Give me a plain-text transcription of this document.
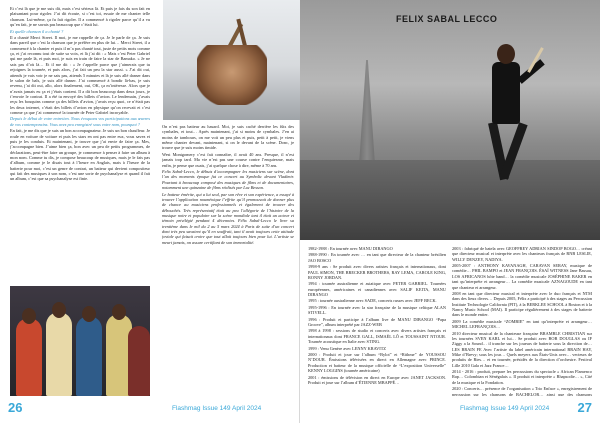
Et c’est là que je me suis dit, mais c’est sérieux là. Et puis je fais du son fait en plaisantant pour rigoler. J’ai dit écoute, si c’est toi, essaie de me chanter telle chanson. Lui-même, ça fu fait rigoler. Il a commencé à rigoler parce qu’il a vu qu’en fait, je ne savais pas beaucoup que c’était lui.

Et quelle chanson il a chanté ?

Il a chanté Merci Street. Il moi, je me rappelle de ça. Je le parle de ça. Je suis dans pareil que c’est la chanson que je préfère en plus de lui… Merci Street, il a commencé à la chanter et puis il m’a pas chanté tout, juste de petits mots comme ça, et j’ai reconnu tout de suite sa voix, et là j’ai dit : « Mais c’est Peter Gabriel qui me parle là, et puis moi, je suis en train de faire la star de Bamako. » Je ne sais pas d’où là… Et il me dit : « Je t’appelle parce que j’aimerais que tu rejoignes la tournée, et puis alors, j’ai fait un peu la star aussi. » J’ai dit oui, attends je vais voir je ne sais pas, attends 5 minutes et là je suis allé danser dans le salon de bals, je suis allé danser. J’ai commencé à bondir là-bas, je suis revenu, j’ai dit oui, allo, alors finalement, oui, OK, ça m’intéresse. Alors que je n’avais jamais eu ça et j’étais content. Il a dit bon beaucoup dans deux jours, je t’envoie le contrat. Il a été tu envoyé des billets d’avion. Le lendemain, j’avais reçu les bouquins comme ça des billets d’avion, j’avais reçu quoi, ce n’était pas les deux internet, c’était des billets d’avion en physique qu’on recevait et c’est comme ça que j’ai commencé la tournée de Peter Gabriel incroyable.

Depuis le début de votre entretien. Nous évoquons vos participations aux œuvres de vos contemporains. Vous avez peu enregistré sous votre nom, pourquoi ?

En fait, je me dis que je suis un bon accompagnateur. Je suis un bon chauffeur. Je roule en voiture de voiture et puis les stars en ont pas entre eux, vous savez et puis je les conduis. Et maintenant, je trouve que j’ai envie de faire ça. Mes, j’accompagne bien. J’aime bien ça, bon avec un peu de petits programmes, de déclarations, peut-être faire un groupe, je commence à penser à faire un album à mon nom. Comme tu dis, je compose beaucoup de musiques, mais je le fais pas d’album, comme je le disais tout à l’heure en Anglais, mais à l’heure de la batterie pour moi, c’est un genre de contrat, un batteur qui devient compositeur qui fait des musiques à son nom, c’est une sorte de psychanalyse et quand il fait un album, c’est que sa psychanalyse est finie.

On n’est pas batteur au hasard. Moi, je suis caché derrière les fûts des cymbales, et tout… Après maintenant, j’ai si moins de cymbales. J’en ai moins de tambours, on me voit un peu plus et puis, petit à petit, je viens même chanter devant, maintenant, si on le devant de la scène. Donc, je trouve que je suis moins timide.

West Montgomery c’est fait connaître, il avait 40 ans. Presque, il n’est jamais trop tard. Ma vie n’est pas une course contre l’enquiesme, mais enfin, je pense que ouais, j’ai quelque chose à dire, même à 70 ans.

Felix Sabal-Lecco, le débuts d’accompagner les musiciens sur scène, dont l’un des moments époque fut ce concert au Symbolic devant Vladimir. Pourtant à beaucoup composé des musiques de films et de documentaires, notamment une quinzaine de films réalisés par Luc Besson.

Le batteur émérite, qui a lui seul, par son rêve et son expérience, a essayé à trouver l’application nouménique l’effrite qu’il promouvait de donner plus de chance au musiciens professionnels et également de trouver des débouchés. Très représentatif était au peu l’allégorie de l’histoire de la musique noire et populaire sur la scène mondiale tant il était un acteur et témoin privilégié pendant 4 décennies. Félix Sabal-Lecco le livre sa trentième dans le mil du 2 au 5 mars 2024 à Paris de suite d’un concert dont très peu savaient qu’il en souffrait, tant il avait toujours cette attitude joviale qui faisait croire que tout allait toujours bien pour lui. L’artiste se meurt jamais, on assure certifiant de son immortalité.

26	Flashmag Issue 149 April 2024
FELIX SABAL LECCO

1982-1988 : En tournée avec MANU DIBANGO

1988-1990 : En tournée avec … en tant que directeur de la chanteur brésilien JAO BOSCO

1998-9 ans : Se produit avec divers artistes français et internationaux, dont PAUL SIMON, THE BRECKER BROTHERS, RAY LEMA, CAROLE KING, RONNY JORDAN.

1994 : tournée australienne et asiatique avec PETER GABRIEL. Tournées européennes, américaines et canadiennes avec SALIF KEITA, MANU DIBANGO

1995 : tournée australienne avec SADE, concerts russes avec JEFF BECK.

1995-1996 : En tournée avec la star française de la musique celtique ALAN STIVELL.

1996 : Produit et participe à l’album live de MANU DIBANGO “Papa Groove”, album interprété par JAZZ-WEB

1998 à 1998 : sessions de studio et concerts avec divers artistes français et internationaux dont FRANCE GALL, ISMAËL LÔ et TOUSSAINT NTOUR. Tournée acoustique en Italie avec STING.

1999 : Venu Genère avec LENNY KRAVITZ

2000 : Produit et joue sur l’album “Bylot” et “Rithme” de YOUSSOU N’DOUR. Émissions télévisées en direct en Allemagne avec PRINCE. Production et batteur de la musique officielle de “L’exposition Universelle” KENNY LOGGINS (tournée américaine)

2001 : émissions de télévision en direct en Europe avec JANET JACKSON. Produit et joue sur l’album d’ÉTIENNE MBAPPÉ…

2003 : fabriqué de batela avec GEOFFREY ADRIAN SINDOP BOGO… créant que directeur musical et interprète avec les chanteurs français de RNB LESLIE, WILLY DENZEY, NADIYA.

2005-2007 : ANTHONY KAVANAGH, CARAVAN SERAY, musique de comédie… PHIL BAMPO et JEAN FRANÇOIS. ÉSAÏ WITNESS Jane Bassau, LOS AFRICANOS hôte band… la comédie musicale JOSÉPHINE BAKER en tant qu’interprète et arrangeur… La comédie musicale AZNAGOUDE en tant que chanteur et arrangeur.

2008 en tant que directeur musical et interprète avec le duo français et NTM dans des lieux divers… Depuis 2005, Félix a participé à des stages au Percussion Institute Technologie California (PIT), à la BERKLEE SCHOOL à Boston et à la Nancy Music School (MAI). Il participe régulièrement à des stages de batterie dans le monde entier.

2009 La comédie musicale “ZOMBIE” en tant qu’interprète et arrangeur… MICHEL LEFRANÇOIS…

2010 directeur musical de la chanteuse française BRAMBLE CHRISTIAN sur les tournées SVEN KARL et lui… Se produit avec BOB DOUGLAS ou IF Ziggy a la Sound… il tranche sur les joueurs de batterie sous la direction de… LES BRAIN FE Avec l’artiste du label américain international BRAIN HAY, Mike d’Brevy; sous les jour… Quels meyers aux États-Unis avec… vecteurs de produits de Ries… et en tournée, présidés de la direction d’orchestre. Festival Lille 2010 Gala et Jazz France…

2014 - 2016 : produit, prepare les percussions du spectacle « African Flamenco Rap… Colombian et Sénégalais ». Il produit et interprète « Rhapsodie… », Cité de la musique et la Fondation.

2020 : Concerts… présence de l’organisation « Trio Enface », enregistrement de percussion sur les chansons de BACHELOR… ainsi que des chansons

Flashmag Issue 149 April 2024 27
